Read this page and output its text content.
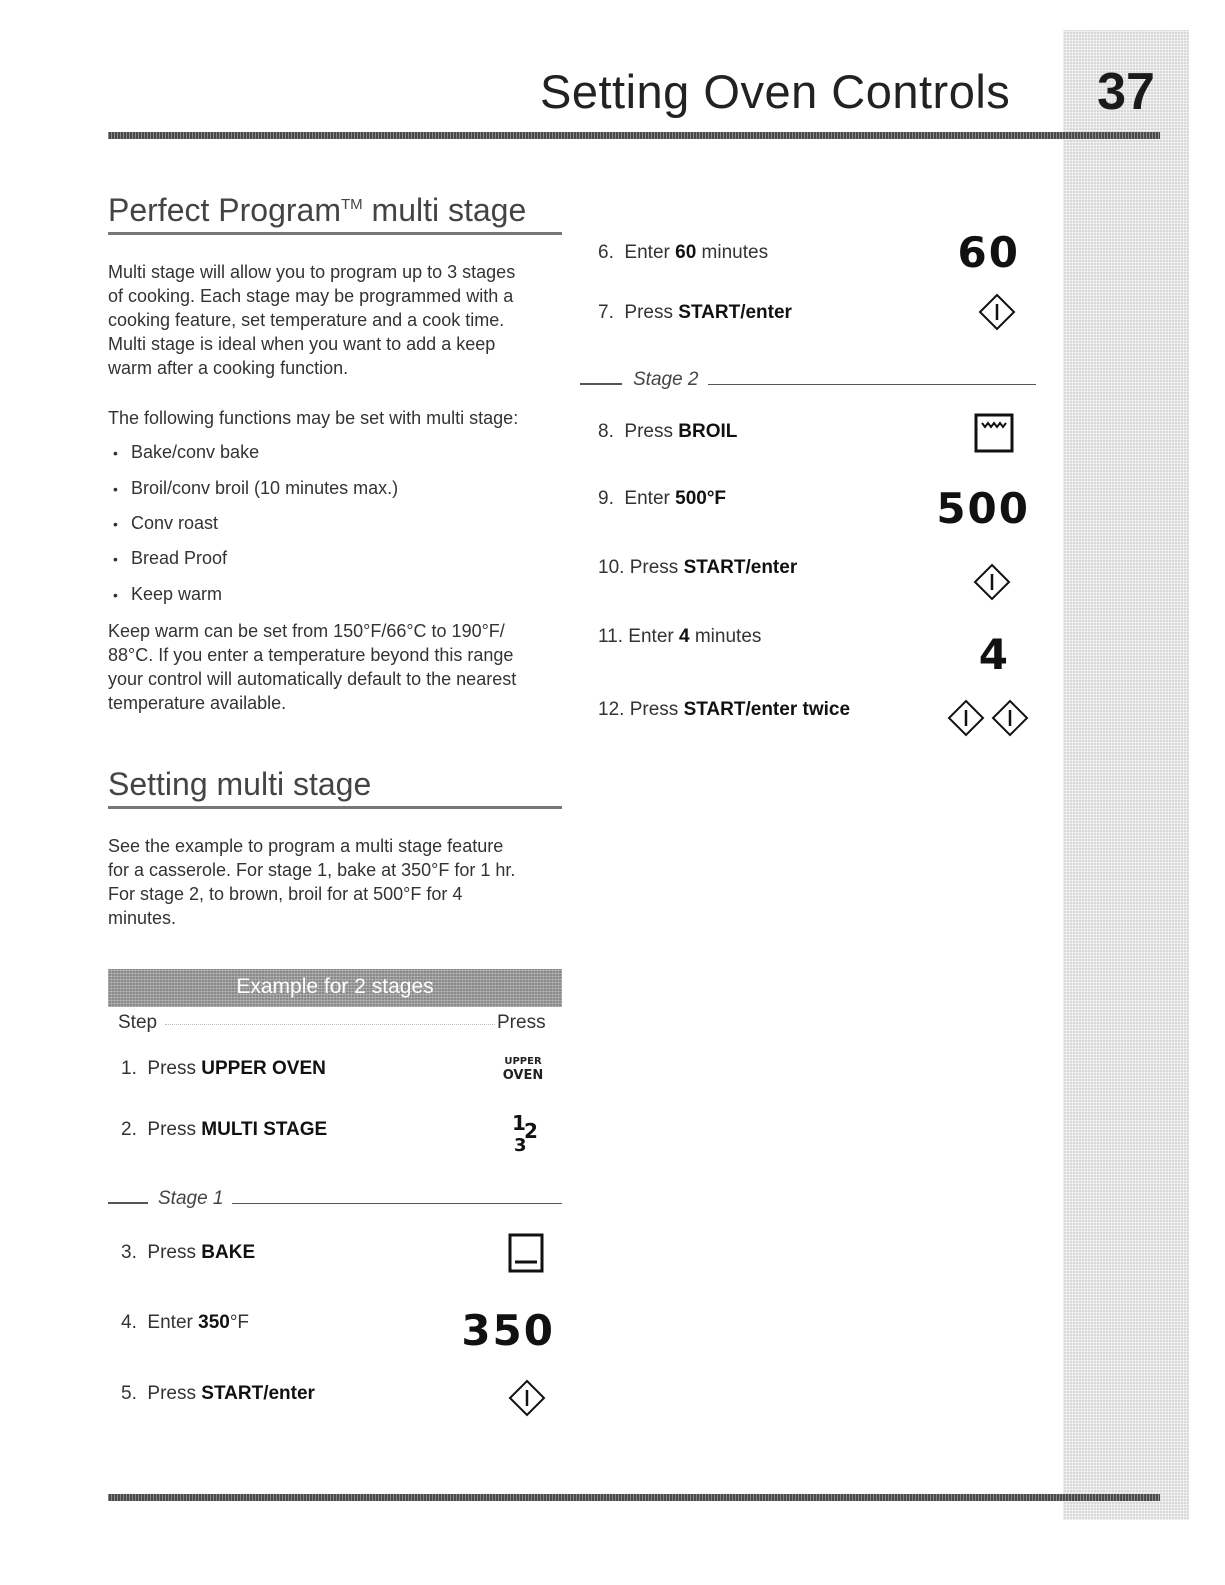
37
Setting Oven Controls
Perfect Program™ multi stage
Multi stage will allow you to program up to 3 stages
of cooking. Each stage may be programmed with a
cooking feature, set temperature and a cook time.
Multi stage is ideal when you want to add a keep
warm after a cooking function.
The following functions may be set with multi stage:
• Bake/conv bake
• Broil/conv broil (10 minutes max.)
• Conv roast
• Bread Proof
• Keep warm
Keep warm can be set from 150°F/66°C to 190°F/
88°C. If you enter a temperature beyond this range
your control will automatically default to the nearest
temperature available.
Setting multi stage
See the example to program a multi stage feature
for a casserole. For stage 1, bake at 350°F for 1 hr.
For stage 2, to brown, broil for at 500°F for 4
minutes.
Example for 2 stages
Step	Press
1. Press UPPER OVEN	UPPER
OVEN
2. Press MULTI STAGE	1
2
3
Stage 1
3. Press BAKE
4. Enter 350°F	350
5. Press START/enter
6. Enter 60 minutes	60
7. Press START/enter
Stage 2
8. Press BROIL
9. Enter 500°F	500
10. Press START/enter
11. Enter 4 minutes	4
12. Press START/enter twice
